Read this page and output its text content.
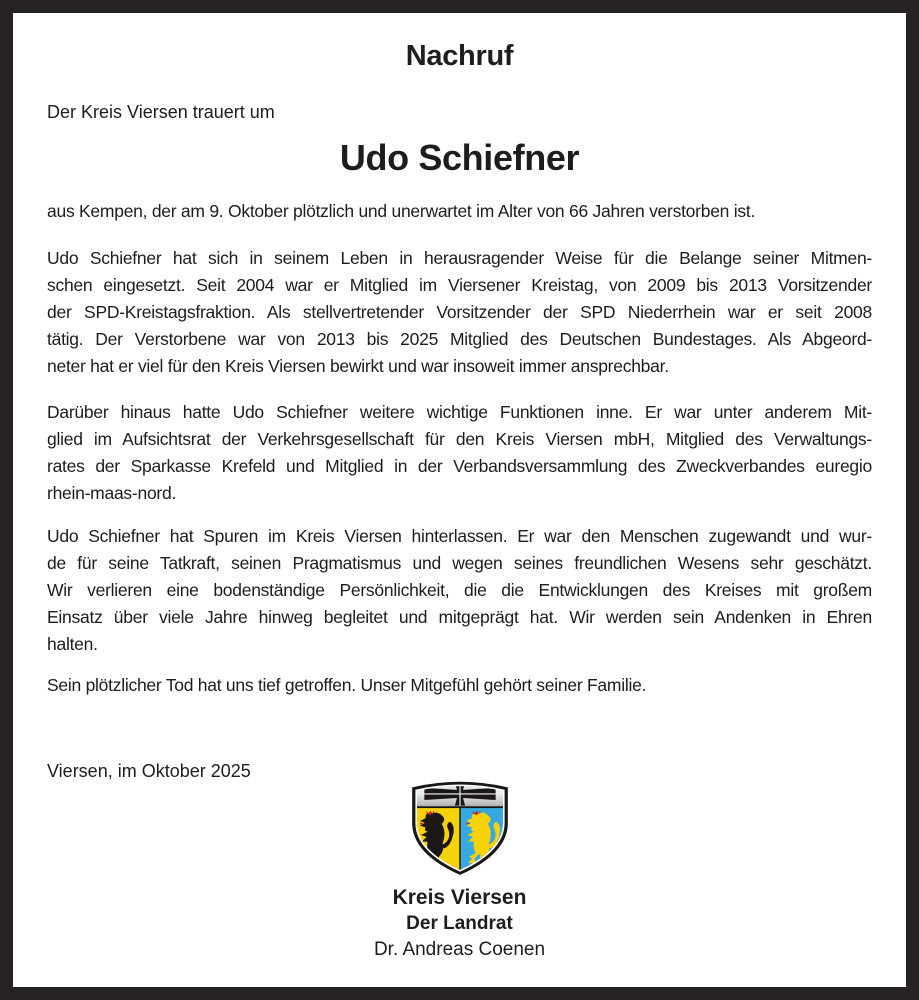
Nachruf
Der Kreis Viersen trauert um
Udo Schiefner
aus Kempen, der am 9. Oktober plötzlich und unerwartet im Alter von 66 Jahren verstorben ist.
Udo Schiefner hat sich in seinem Leben in herausragender Weise für die Belange seiner Mitmen-
schen eingesetzt. Seit 2004 war er Mitglied im Viersener Kreistag, von 2009 bis 2013 Vorsitzender
der SPD-Kreistagsfraktion. Als stellvertretender Vorsitzender der SPD Niederrhein war er seit 2008
tätig. Der Verstorbene war von 2013 bis 2025 Mitglied des Deutschen Bundestages. Als Abgeord-
neter hat er viel für den Kreis Viersen bewirkt und war insoweit immer ansprechbar.
Darüber hinaus hatte Udo Schiefner weitere wichtige Funktionen inne. Er war unter anderem Mit-
glied im Aufsichtsrat der Verkehrsgesellschaft für den Kreis Viersen mbH, Mitglied des Verwaltungs-
rates der Sparkasse Krefeld und Mitglied in der Verbandsversammlung des Zweckverbandes euregio
rhein-maas-nord.
Udo Schiefner hat Spuren im Kreis Viersen hinterlassen. Er war den Menschen zugewandt und wur-
de für seine Tatkraft, seinen Pragmatismus und wegen seines freundlichen Wesens sehr geschätzt.
Wir verlieren eine bodenständige Persönlichkeit, die die Entwicklungen des Kreises mit großem
Einsatz über viele Jahre hinweg begleitet und mitgeprägt hat. Wir werden sein Andenken in Ehren
halten.
Sein plötzlicher Tod hat uns tief getroffen. Unser Mitgefühl gehört seiner Familie.
Viersen, im Oktober 2025
Kreis Viersen
Der Landrat
Dr. Andreas Coenen
